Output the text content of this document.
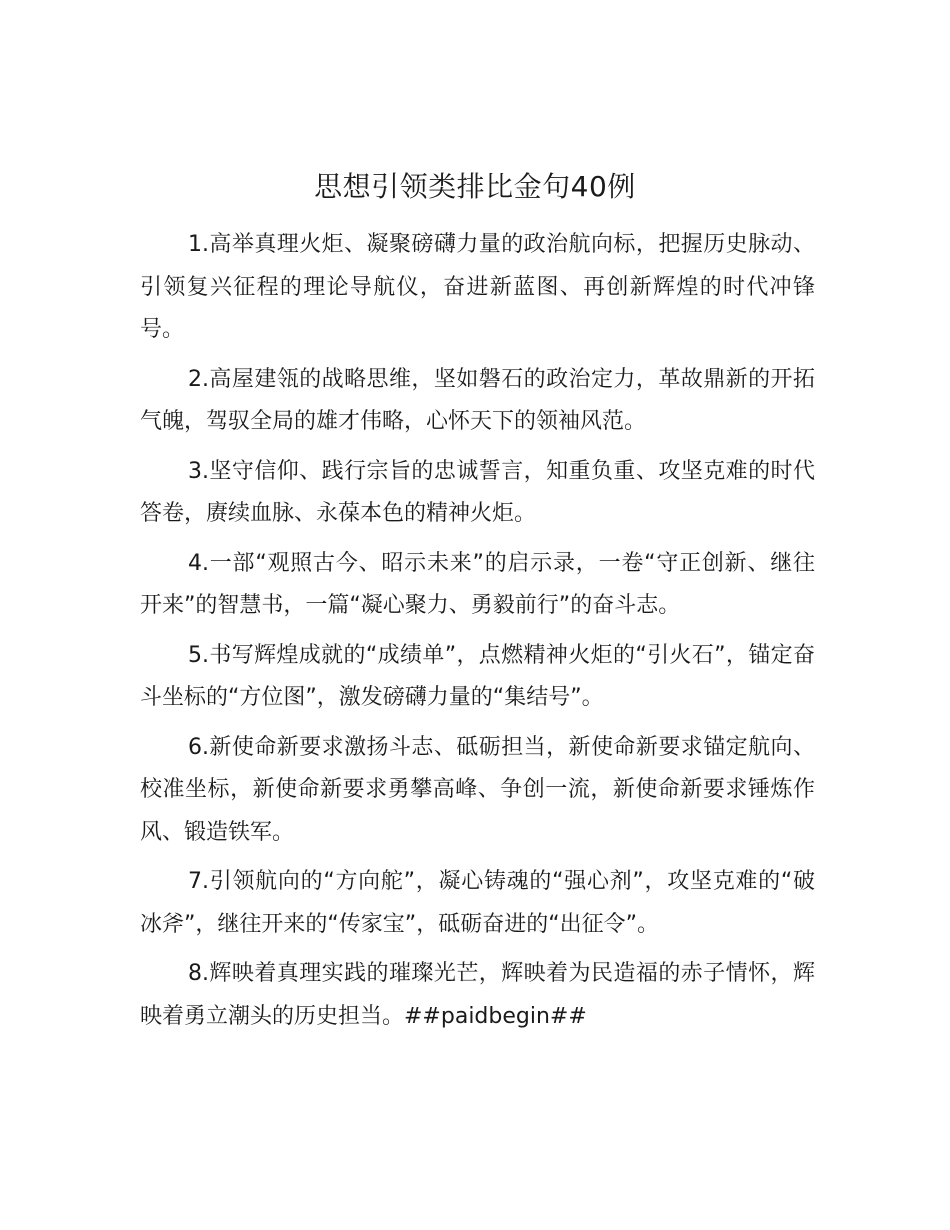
思想引领类排比金句40例

1.高举真理火炬、凝聚磅礴力量的政治航向标，把握历史脉动、引领复兴征程的理论导航仪，奋进新蓝图、再创新辉煌的时代冲锋号。

2.高屋建瓴的战略思维，坚如磐石的政治定力，革故鼎新的开拓气魄，驾驭全局的雄才伟略，心怀天下的领袖风范。

3.坚守信仰、践行宗旨的忠诚誓言，知重负重、攻坚克难的时代答卷，赓续血脉、永葆本色的精神火炬。

4.一部“观照古今、昭示未来”的启示录，一卷“守正创新、继往开来”的智慧书，一篇“凝心聚力、勇毅前行”的奋斗志。

5.书写辉煌成就的“成绩单”，点燃精神火炬的“引火石”，锚定奋斗坐标的“方位图”，激发磅礴力量的“集结号”。

6.新使命新要求激扬斗志、砥砺担当，新使命新要求锚定航向、校准坐标，新使命新要求勇攀高峰、争创一流，新使命新要求锤炼作风、锻造铁军。

7.引领航向的“方向舵”，凝心铸魂的“强心剂”，攻坚克难的“破冰斧”，继往开来的“传家宝”，砥砺奋进的“出征令”。

8.辉映着真理实践的璀璨光芒，辉映着为民造福的赤子情怀，辉映着勇立潮头的历史担当。##paidbegin##
